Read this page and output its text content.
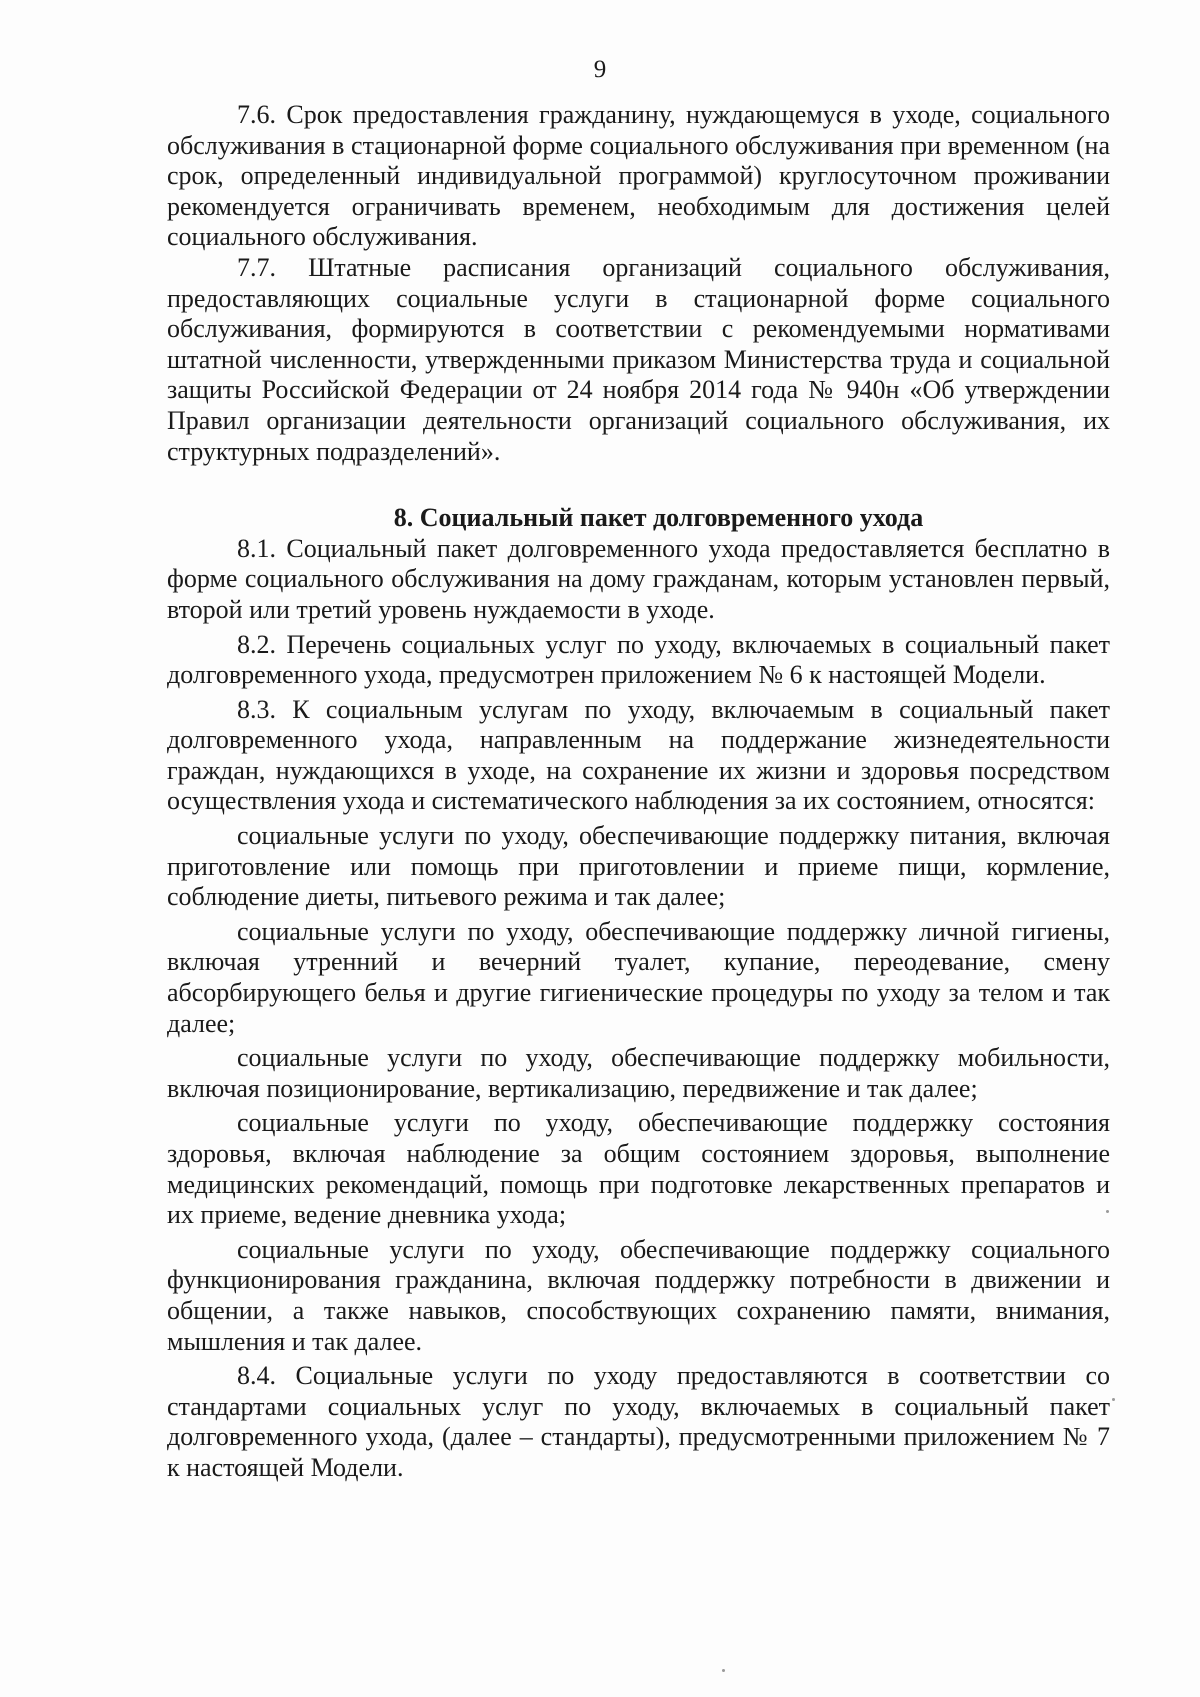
9

7.6. Срок предоставления гражданину, нуждающемуся в уходе, социального обслуживания в стационарной форме социального обслуживания при временном (на срок, определенный индивидуальной программой) круглосуточном проживании рекомендуется ограничивать временем, необходимым для достижения целей социального обслуживания.

7.7. Штатные расписания организаций социального обслуживания, предоставляющих социальные услуги в стационарной форме социального обслуживания, формируются в соответствии с рекомендуемыми нормативами штатной численности, утвержденными приказом Министерства труда и социальной защиты Российской Федерации от 24 ноября 2014 года № 940н «Об утверждении Правил организации деятельности организаций социального обслуживания, их структурных подразделений».

8. Социальный пакет долговременного ухода

8.1. Социальный пакет долговременного ухода предоставляется бесплатно в форме социального обслуживания на дому гражданам, которым установлен первый, второй или третий уровень нуждаемости в уходе.

8.2. Перечень социальных услуг по уходу, включаемых в социальный пакет долговременного ухода, предусмотрен приложением № 6 к настоящей Модели.

8.3. К социальным услугам по уходу, включаемым в социальный пакет долговременного ухода, направленным на поддержание жизнедеятельности граждан, нуждающихся в уходе, на сохранение их жизни и здоровья посредством осуществления ухода и систематического наблюдения за их состоянием, относятся:

социальные услуги по уходу, обеспечивающие поддержку питания, включая приготовление или помощь при приготовлении и приеме пищи, кормление, соблюдение диеты, питьевого режима и так далее;

социальные услуги по уходу, обеспечивающие поддержку личной гигиены, включая утренний и вечерний туалет, купание, переодевание, смену абсорбирующего белья и другие гигиенические процедуры по уходу за телом и так далее;

социальные услуги по уходу, обеспечивающие поддержку мобильности, включая позиционирование, вертикализацию, передвижение и так далее;

социальные услуги по уходу, обеспечивающие поддержку состояния здоровья, включая наблюдение за общим состоянием здоровья, выполнение медицинских рекомендаций, помощь при подготовке лекарственных препаратов и их приеме, ведение дневника ухода;

социальные услуги по уходу, обеспечивающие поддержку социального функционирования гражданина, включая поддержку потребности в движении и общении, а также навыков, способствующих сохранению памяти, внимания, мышления и так далее.

8.4. Социальные услуги по уходу предоставляются в соответствии со стандартами социальных услуг по уходу, включаемых в социальный пакет долговременного ухода, (далее – стандарты), предусмотренными приложением № 7 к настоящей Модели.
